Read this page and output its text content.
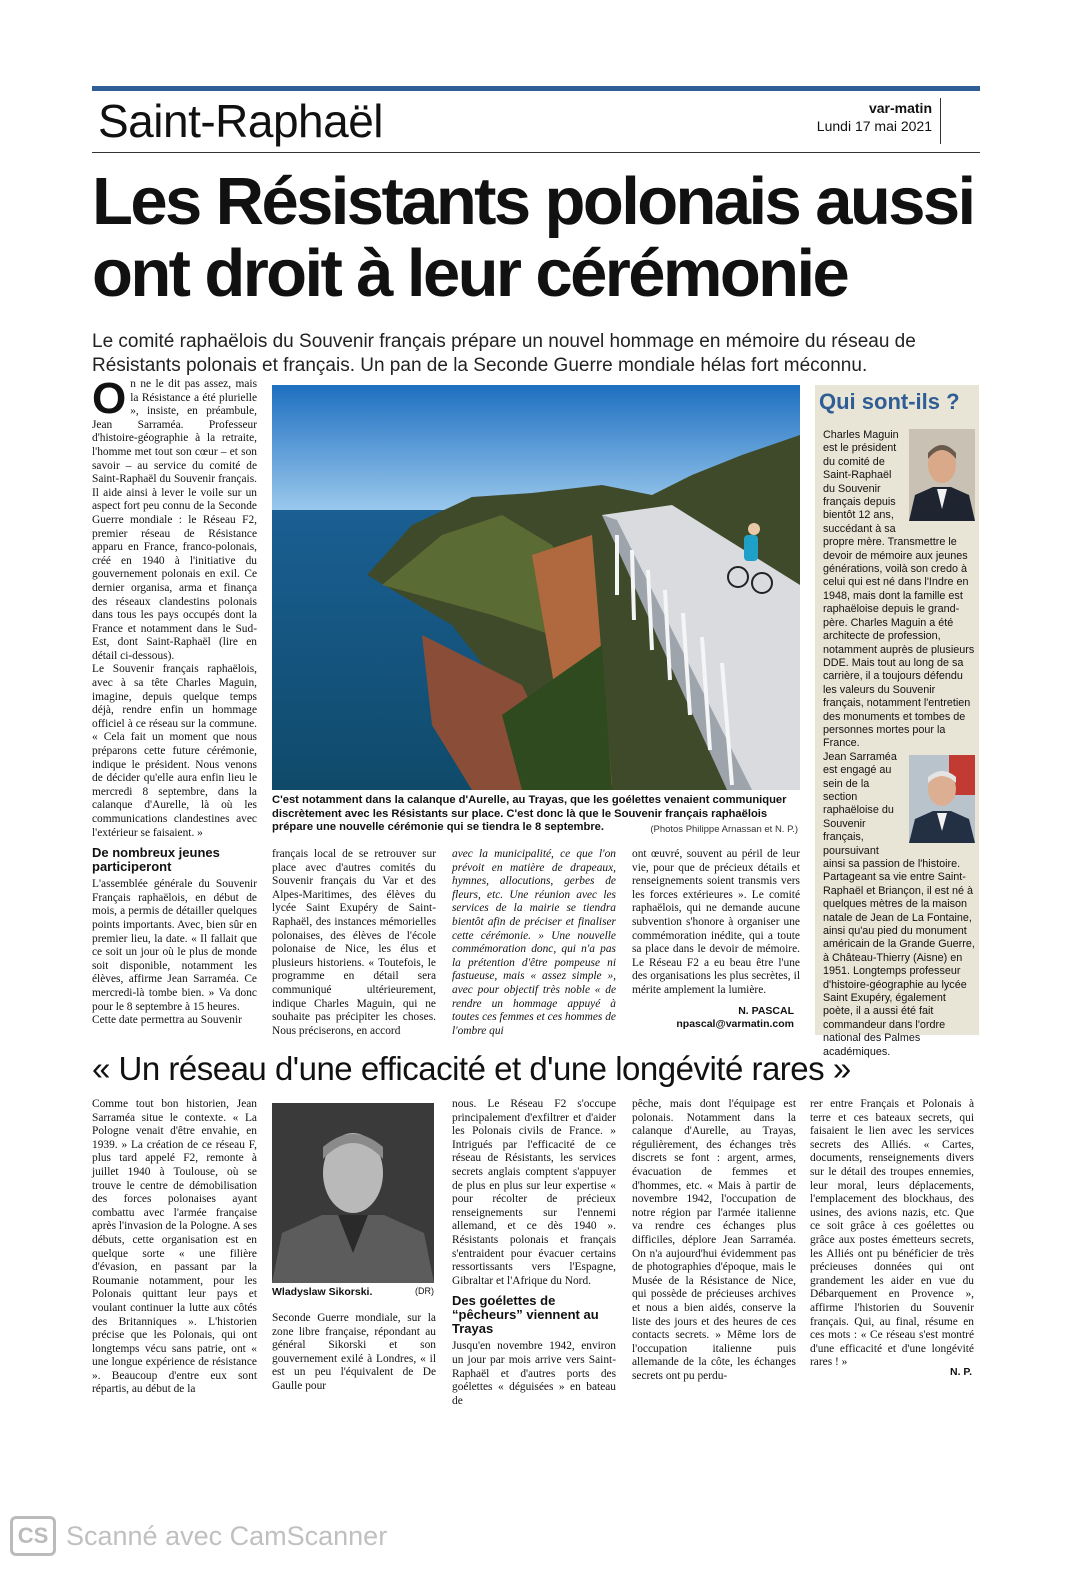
Saint-Raphaël	var-matin
Lundi 17 mai 2021
Les Résistants polonais aussi ont droit à leur cérémonie

Le comité raphaëlois du Souvenir français prépare un nouvel hommage en mémoire du réseau de Résistants polonais et français. Un pan de la Seconde Guerre mondiale hélas fort méconnu.

O n ne le dit pas assez, mais la Résistance a été plurielle », insiste, en préambule, Jean Sarraméa. Professeur d'histoire-géographie à la retraite, l'homme met tout son cœur – et son savoir – au service du comité de Saint-Raphaël du Souvenir français. Il aide ainsi à lever le voile sur un aspect fort peu connu de la Seconde Guerre mondiale : le Réseau F2, premier réseau de Résistance apparu en France, franco-polonais, créé en 1940 à l'initiative du gouvernement polonais en exil. Ce dernier organisa, arma et finança des réseaux clandestins polonais dans tous les pays occupés dont la France et notamment dans le Sud-Est, dont Saint-Raphaël (lire en détail ci-dessous).

Le Souvenir français raphaëlois, avec à sa tête Charles Maguin, imagine, depuis quelque temps déjà, rendre enfin un hommage officiel à ce réseau sur la commune. « Cela fait un moment que nous préparons cette future cérémonie, indique le président. Nous venons de décider qu'elle aura enfin lieu le mercredi 8 septembre, dans la calanque d'Aurelle, là où les communications clandestines avec l'extérieur se faisaient. »

De nombreux jeunes participeront

L'assemblée générale du Souvenir Français raphaëlois, en début de mois, a permis de détailler quelques points importants. Avec, bien sûr en premier lieu, la date. « Il fallait que ce soit un jour où le plus de monde soit disponible, notamment les élèves, affirme Jean Sarraméa. Ce mercredi-là tombe bien. » Va donc pour le 8 septembre à 15 heures.

Cette date permettra au Souvenir

C'est notamment dans la calanque d'Aurelle, au Trayas, que les goélettes venaient communiquer discrètement avec les Résistants sur place. C'est donc là que le Souvenir français raphaëlois prépare une nouvelle cérémonie qui se tiendra le 8 septembre.	(Photos Philippe Arnassan et N. P.)

français local de se retrouver sur place avec d'autres comités du Souvenir français du Var et des Alpes-Maritimes, des élèves du lycée Saint Exupéry de Saint-Raphaël, des instances mémorielles polonaises, des élèves de l'école polonaise de Nice, les élus et plusieurs historiens. « Toutefois, le programme en détail sera communiqué ultérieurement, indique Charles Maguin, qui ne souhaite pas précipiter les choses. Nous préciserons, en accord

avec la municipalité, ce que l'on prévoit en matière de drapeaux, hymnes, allocutions, gerbes de fleurs, etc. Une réunion avec les services de la mairie se tiendra bientôt afin de préciser et finaliser cette cérémonie. » Une nouvelle commémoration donc, qui n'a pas la prétention d'être pompeuse ni fastueuse, mais « assez simple », avec pour objectif très noble « de rendre un hommage appuyé à toutes ces femmes et ces hommes de l'ombre qui

ont œuvré, souvent au péril de leur vie, pour que de précieux détails et renseignements soient transmis vers les forces extérieures ». Le comité raphaëlois, qui ne demande aucune subvention s'honore à organiser une commémoration inédite, qui a toute sa place dans le devoir de mémoire. Le Réseau F2 a eu beau être l'une des organisations les plus secrètes, il mérite amplement la lumière.

N. PASCAL
npascal@varmatin.com
Qui sont-ils ?

Charles Maguin est le président du comité de Saint-Raphaël du Souvenir français depuis bientôt 12 ans, succédant à sa propre mère. Transmettre le devoir de mémoire aux jeunes générations, voilà son credo à celui qui est né dans l'Indre en 1948, mais dont la famille est raphaëloise depuis le grand-père. Charles Maguin a été architecte de profession, notamment auprès de plusieurs DDE. Mais tout au long de sa carrière, il a toujours défendu les valeurs du Souvenir français, notamment l'entretien des monuments et tombes de personnes mortes pour la France.

Jean Sarraméa est engagé au sein de la section raphaëloise du Souvenir français, poursuivant ainsi sa passion de l'histoire. Partageant sa vie entre Saint-Raphaël et Briançon, il est né à quelques mètres de la maison natale de Jean de La Fontaine, ainsi qu'au pied du monument américain de la Grande Guerre, à Château-Thierry (Aisne) en 1951. Longtemps professeur d'histoire-géographie au lycée Saint Exupéry, également poète, il a aussi été fait commandeur dans l'ordre national des Palmes académiques.

« Un réseau d'une efficacité et d'une longévité rares »

Comme tout bon historien, Jean Sarraméa situe le contexte. « La Pologne venait d'être envahie, en 1939. » La création de ce réseau F, plus tard appelé F2, remonte à juillet 1940 à Toulouse, où se trouve le centre de démobilisation des forces polonaises ayant combattu avec l'armée française après l'invasion de la Pologne. A ses débuts, cette organisation est en quelque sorte « une filière d'évasion, en passant par la Roumanie notamment, pour les Polonais quittant leur pays et voulant continuer la lutte aux côtés des Britanniques ». L'historien précise que les Polonais, qui ont longtemps vécu sans patrie, ont « une longue expérience de résistance ». Beaucoup d'entre eux sont répartis, au début de la

(DR)
Wladyslaw Sikorski.

Seconde Guerre mondiale, sur la zone libre française, répondant au général Sikorski et son gouvernement exilé à Londres, « il est un peu l'équivalent de De Gaulle pour

nous. Le Réseau F2 s'occupe principalement d'exfiltrer et d'aider les Polonais civils de France. » Intrigués par l'efficacité de ce réseau de Résistants, les services secrets anglais comptent s'appuyer de plus en plus sur leur expertise « pour récolter de précieux renseignements sur l'ennemi allemand, et ce dès 1940 ». Résistants polonais et français s'entraident pour évacuer certains ressortissants vers l'Espagne, Gibraltar et l'Afrique du Nord.

Des goélettes de “pêcheurs” viennent au Trayas

Jusqu'en novembre 1942, environ un jour par mois arrive vers Saint-Raphaël et d'autres ports des goélettes « déguisées » en bateau de

pêche, mais dont l'équipage est polonais. Notamment dans la calanque d'Aurelle, au Trayas, régulièrement, des échanges très discrets se font : argent, armes, évacuation de femmes et d'hommes, etc. « Mais à partir de novembre 1942, l'occupation de notre région par l'armée italienne va rendre ces échanges plus difficiles, déplore Jean Sarraméa. On n'a aujourd'hui évidemment pas de photographies d'époque, mais le Musée de la Résistance de Nice, qui possède de précieuses archives et nous a bien aidés, conserve la liste des jours et des heures de ces contacts secrets. » Même lors de l'occupation italienne puis allemande de la côte, les échanges secrets ont pu perdu-

rer entre Français et Polonais à terre et ces bateaux secrets, qui faisaient le lien avec les services secrets des Alliés. « Cartes, documents, renseignements divers sur le détail des troupes ennemies, leur moral, leurs déplacements, l'emplacement des blockhaus, des usines, des avions nazis, etc. Que ce soit grâce à ces goélettes ou grâce aux postes émetteurs secrets, les Alliés ont pu bénéficier de très précieuses données qui ont grandement les aider en vue du Débarquement en Provence », affirme l'historien du Souvenir français. Qui, au final, résume en ces mots : « Ce réseau s'est montré d'une efficacité et d'une longévité rares ! »

N. P.
CS Scanné avec CamScanner
